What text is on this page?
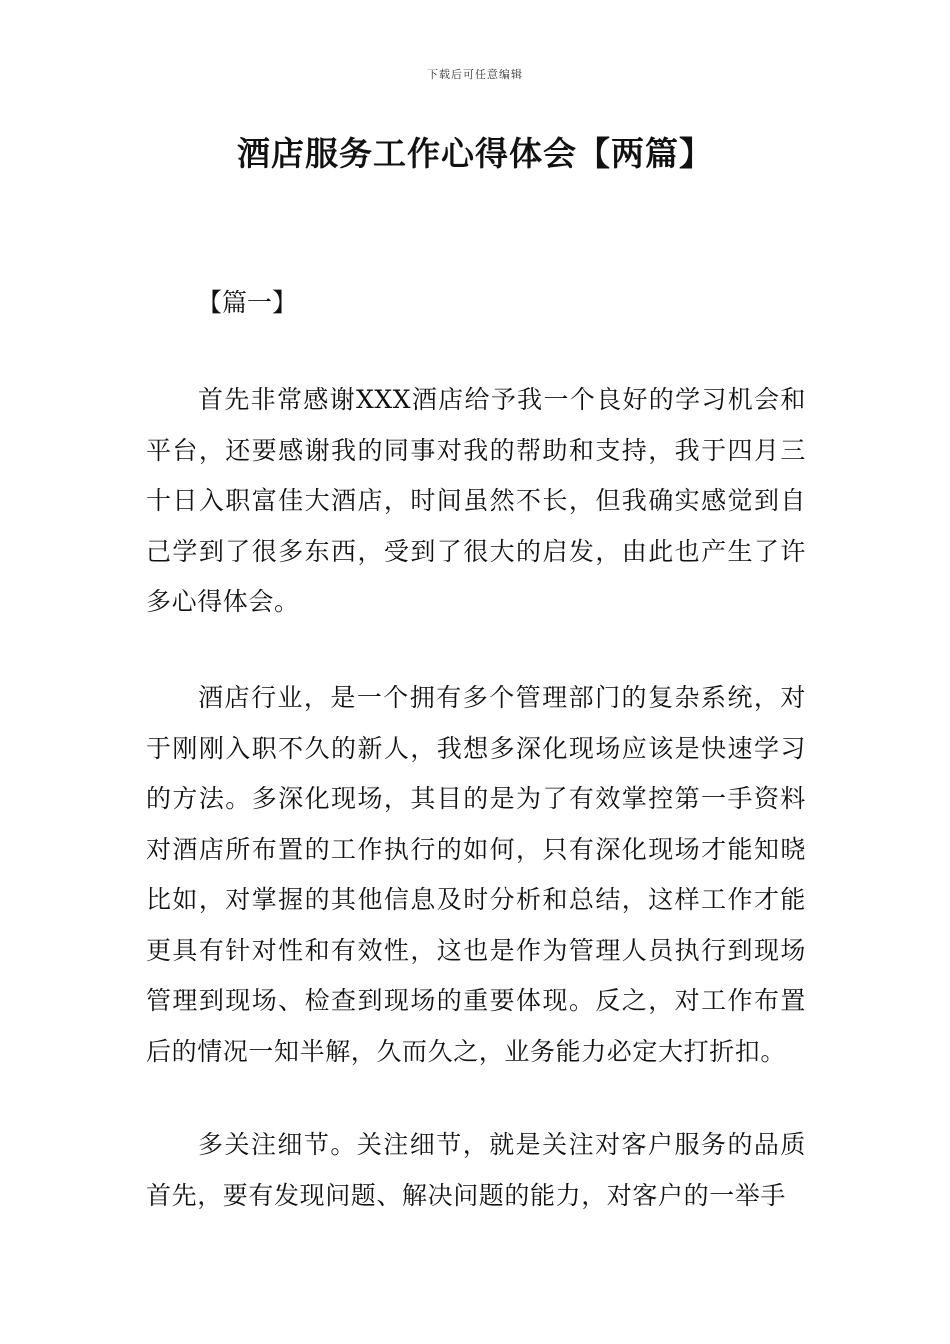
下载后可任意编辑
酒店服务工作心得体会【两篇】

【篇一】

首先非常感谢XXX酒店给予我一个良好的学习机会和平台，还要感谢我的同事对我的帮助和支持，我于四月三十日入职富佳大酒店，时间虽然不长，但我确实感觉到自己学到了很多东西，受到了很大的启发，由此也产生了许多心得体会。

酒店行业，是一个拥有多个管理部门的复杂系统，对于刚刚入职不久的新人，我想多深化现场应该是快速学习的方法。多深化现场，其目的是为了有效掌控第一手资料对酒店所布置的工作执行的如何，只有深化现场才能知晓比如，对掌握的其他信息及时分析和总结，这样工作才能更具有针对性和有效性，这也是作为管理人员执行到现场管理到现场、检查到现场的重要体现。反之，对工作布置后的情况一知半解，久而久之，业务能力必定大打折扣。

多关注细节。关注细节，就是关注对客户服务的品质首先，要有发现问题、解决问题的能力，对客户的一举手
